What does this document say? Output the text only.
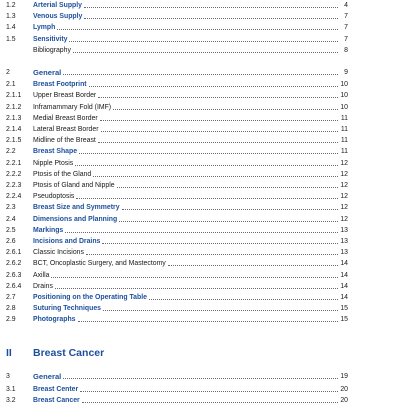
II	Breast Cancer
1.2	Arterial Supply	4
1.3	Venous Supply	7
1.4	Lymph	7
1.5	Sensitivity	7
Bibliography	8
2	General	9
2.1	Breast Footprint	10
2.1.1	Upper Breast Border	10
2.1.2	Inframammary Fold (IMF)	10
2.1.3	Medial Breast Border	11
2.1.4	Lateral Breast Border	11
2.1.5	Midline of the Breast	11
2.2	Breast Shape	11
2.2.1	Nipple Ptosis	12
2.2.2	Ptosis of the Gland	12
2.2.3	Ptosis of Gland and Nipple	12
2.2.4	Pseudoptosis	12
2.3	Breast Size and Symmetry	12
2.4	Dimensions and Planning	12
2.5	Markings	13
2.6	Incisions and Drains	13
2.6.1	Classic Incisions	13
2.6.2	BCT, Oncoplastic Surgery, and Mastectomy	14
2.6.3	Axilla	14
2.6.4	Drains	14
2.7	Positioning on the Operating Table	14
2.8	Suturing Techniques	15
2.9	Photographs	15
3	General	19
3.1	Breast Center	20
3.2	Breast Cancer	20
